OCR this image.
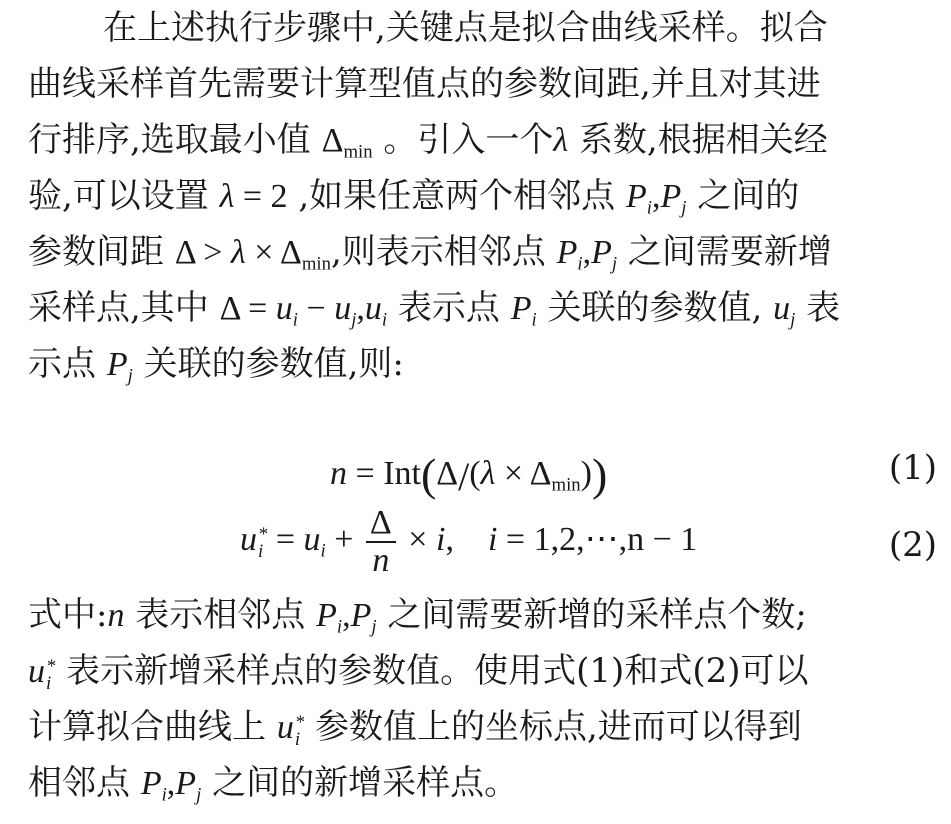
在上述执行步骤中,关键点是拟合曲线采样。拟合
曲线采样首先需要计算型值点的参数间距,并且对其进
行排序,选取最小值 $\Delta_{min}$ 。引入一个λ 系数,根据相关经
验,可以设置 λ = 2 ,如果任意两个相邻点 $P_i,P_j$ 之间的
参数间距 $\Delta > \lambda \times \Delta_{min}$,则表示相邻点 $P_i,P_j$ 之间需要新增
采样点,其中 $\Delta = u_i - u_j,u_i$ 表示点 $P_i$ 关联的参数值, $u_j$ 表
示点 $P_j$ 关联的参数值,则:
$n = Int(\Delta/(\lambda \times \Delta_{min}))$	(1)
u *
$i = u_i + \frac{\Delta}{n} \times i$,    i = 1,2,⋯,n − 1	(2)
式中:n 表示相邻点 $P_i,P_j$ 之间需要新增的采样点个数;
u *
i 表示新增采样点的参数值。使用式(1)和式(2)可以
计算拟合曲线上 u *
i 参数值上的坐标点,进而可以得到
相邻点 $P_i,P_j$ 之间的新增采样点。
